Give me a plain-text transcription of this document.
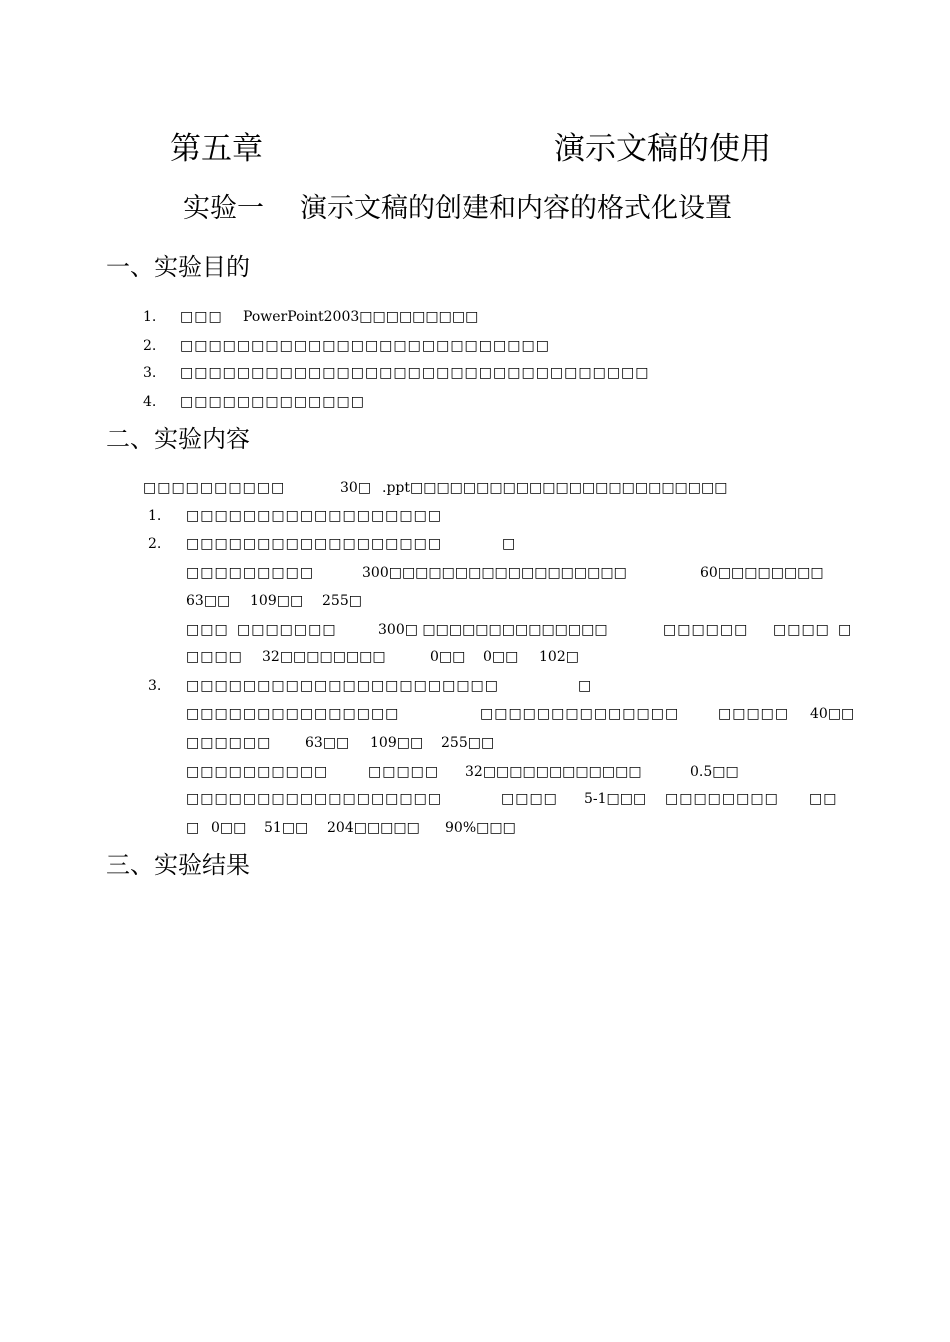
第五章	演示文稿的使用
实验一 演示文稿的创建和内容的格式化设置
一、实验目的
1. □□□ PowerPoint2003□□□□□□□□□
2. □□□□□□□□□□□□□□□□□□□□□□□□□□
3. □□□□□□□□□□□□□□□□□□□□□□□□□□□□□□□□□
4. □□□□□□□□□□□□□
二、实验内容
□□□□□□□□□□	30□ .ppt□□□□□□□□□□□□□□□□□□□□□□□□
1. □□□□□□□□□□□□□□□□□□
2. □□□□□□□□□□□□□□□□□□	□
□□□□□□□□□	300□□□□□□□□□□□□□□□□□□	60□□□□□□□□
63□□ 109□□ 255□
□□□ □□□□□□□	300□ □□□□□□□□□□□□□□	□□□□□□ □□□□ □
□□□□ 32□□□□□□□□	0□□ 0□□ 102□
3. □□□□□□□□□□□□□□□□□□□□□□	□
□□□□□□□□□□□□□□□	□□□□□□□□□□□□□□	□□□□□ 40□□
□□□□□□ 63□□ 109□□ 255□□
□□□□□□□□□□	□□□□□ 32□□□□□□□□□□□□	0.5□□
□□□□□□□□□□□□□□□□□□	□□□□ 5-1□□□ □□□□□□□□ □□
□ 0□□ 51□□ 204□□□□□ 90%□□□
三、实验结果
